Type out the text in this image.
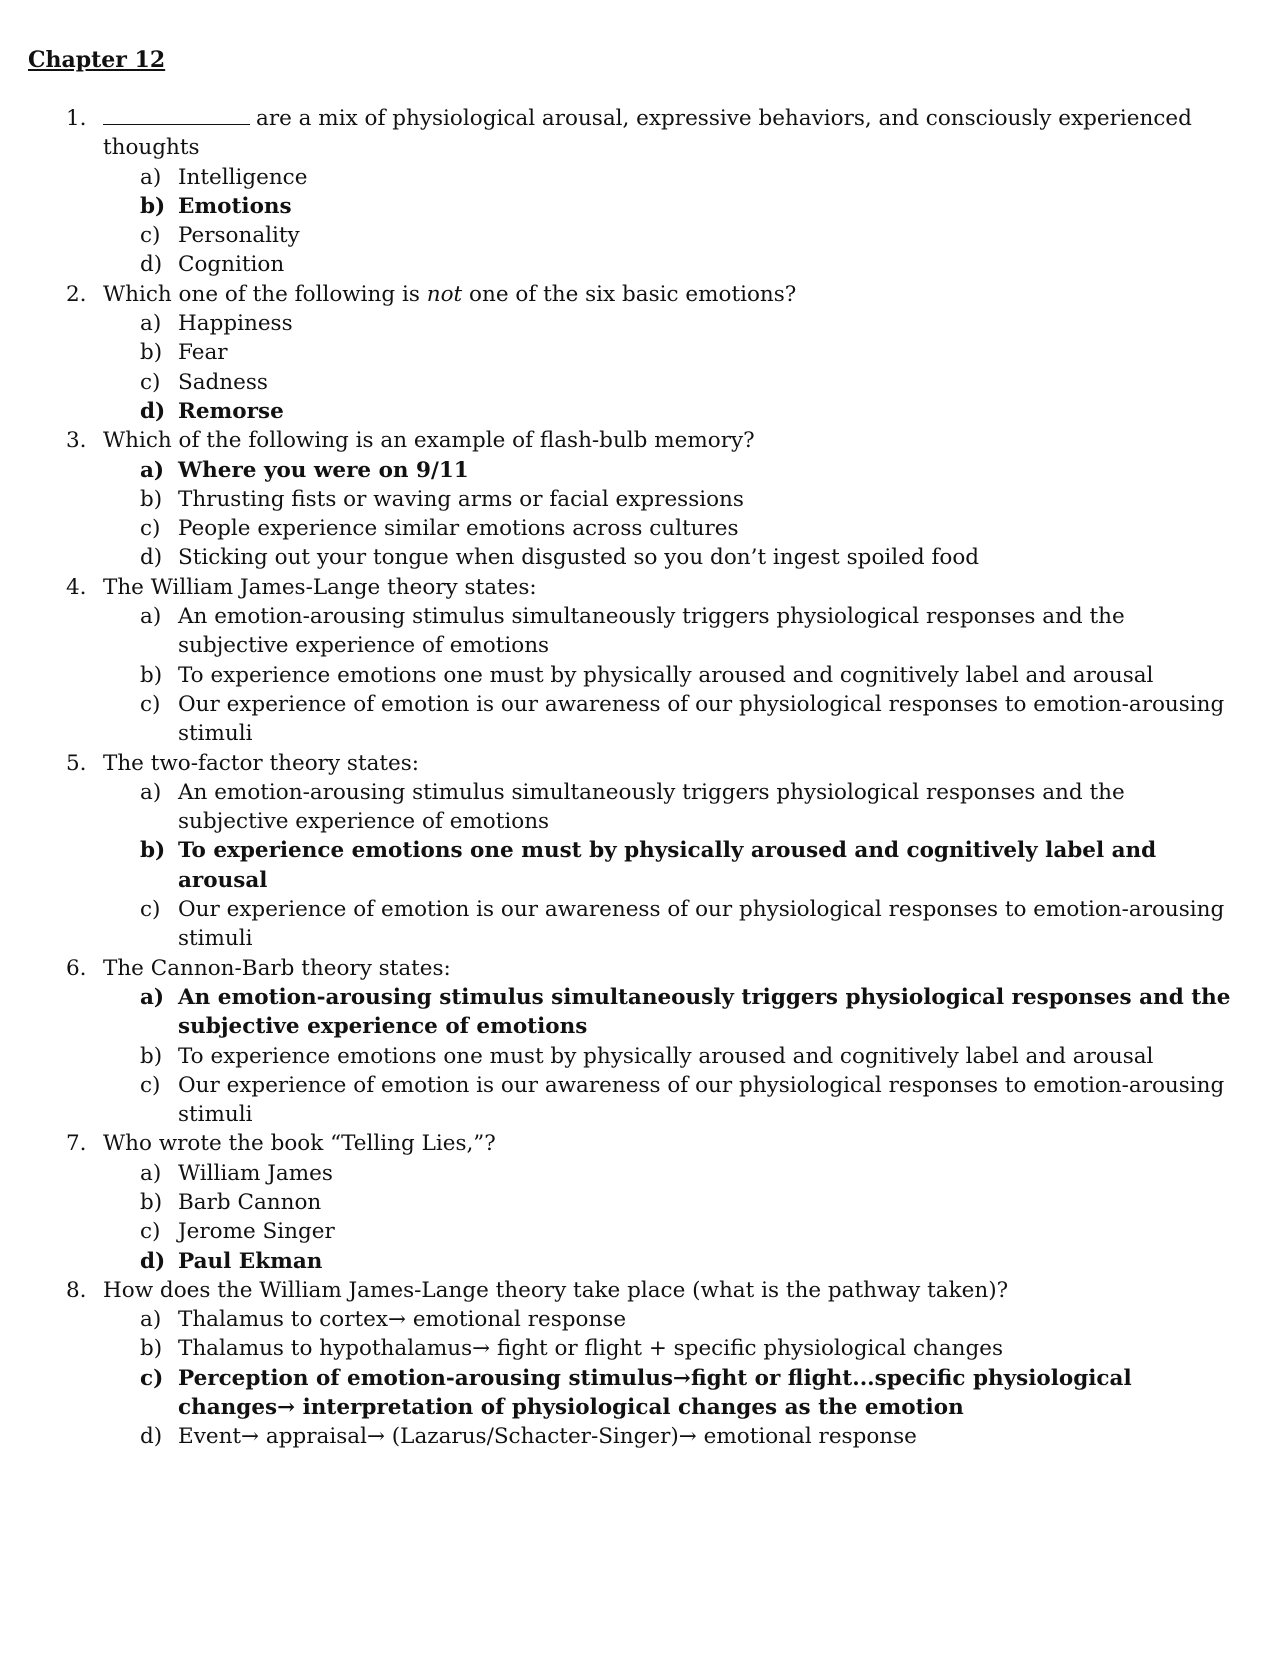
Chapter 12
1.	are a mix of physiological arousal, expressive behaviors, and consciously experienced thoughts
a) Intelligence
b) Emotions
c) Personality
d) Cognition
2. Which one of the following is not one of the six basic emotions?
a) Happiness
b) Fear
c) Sadness
d) Remorse
3. Which of the following is an example of flash-bulb memory?
a) Where you were on 9/11
b) Thrusting fists or waving arms or facial expressions
c) People experience similar emotions across cultures
d) Sticking out your tongue when disgusted so you don’t ingest spoiled food
4. The William James-Lange theory states:
a) An emotion-arousing stimulus simultaneously triggers physiological responses and the subjective experience of emotions
b) To experience emotions one must by physically aroused and cognitively label and arousal
c) Our experience of emotion is our awareness of our physiological responses to emotion-arousing stimuli
5. The two-factor theory states:
a) An emotion-arousing stimulus simultaneously triggers physiological responses and the subjective experience of emotions
b) To experience emotions one must by physically aroused and cognitively label and arousal
c) Our experience of emotion is our awareness of our physiological responses to emotion-arousing stimuli
6. The Cannon-Barb theory states:
a) An emotion-arousing stimulus simultaneously triggers physiological responses and the subjective experience of emotions
b) To experience emotions one must by physically aroused and cognitively label and arousal
c) Our experience of emotion is our awareness of our physiological responses to emotion-arousing stimuli
7. Who wrote the book “Telling Lies,”?
a) William James
b) Barb Cannon
c) Jerome Singer
d) Paul Ekman
8. How does the William James-Lange theory take place (what is the pathway taken)?
a) Thalamus to cortex→ emotional response
b) Thalamus to hypothalamus→ fight or flight + specific physiological changes
c) Perception of emotion-arousing stimulus→fight or flight...specific physiological changes→ interpretation of physiological changes as the emotion
d) Event→ appraisal→ (Lazarus/Schacter-Singer)→ emotional response
